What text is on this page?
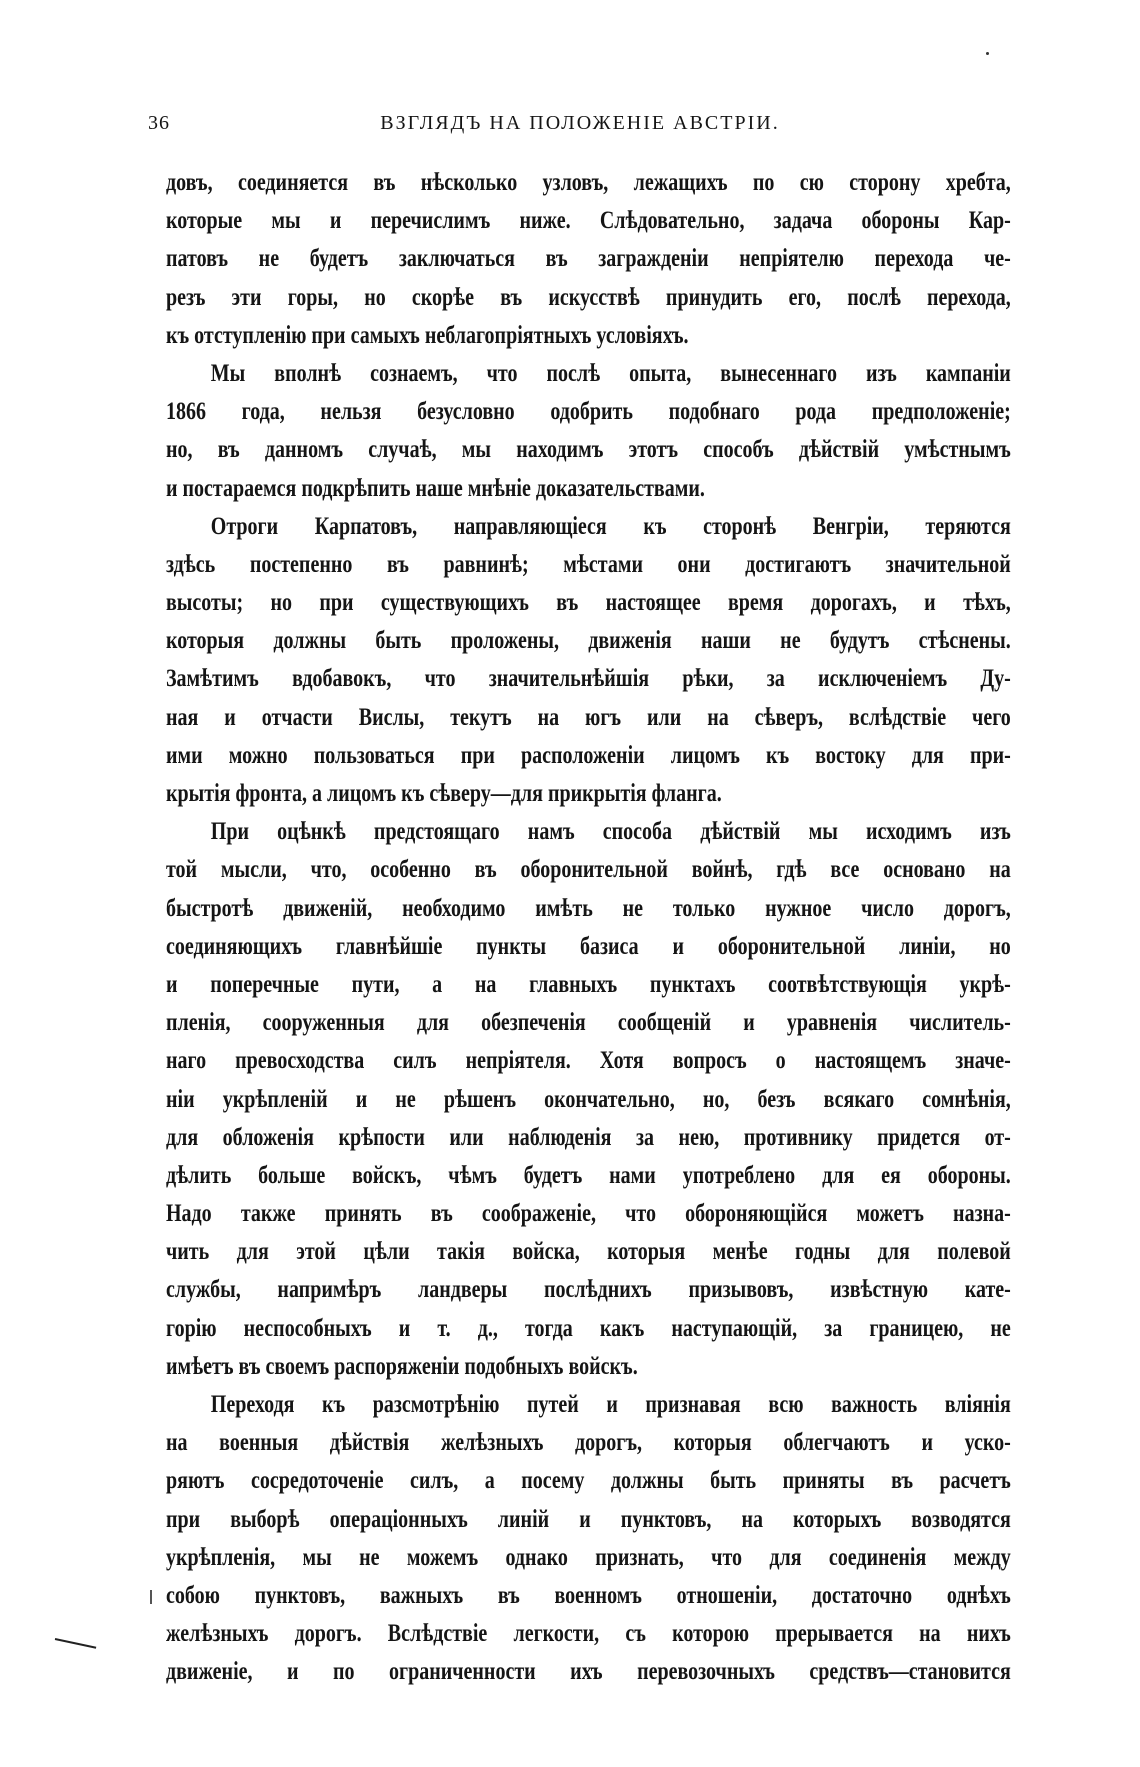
36	ВЗГЛЯДЪ НА ПОЛОЖЕНІЕ АВСТРІИ.
довъ, соединяется въ нѣсколько узловъ, лежащихъ по сю сторону хребта,
которые мы и перечислимъ ниже. Слѣдовательно, задача обороны Кар-
патовъ не будетъ заключаться въ загражденіи непріятелю перехода че-
резъ эти горы, но скорѣе въ искусствѣ принудить его, послѣ перехода,
къ отступленію при самыхъ неблагопріятныхъ условіяхъ.
Мы вполнѣ сознаемъ, что послѣ опыта, вынесеннаго изъ кампаніи
1866 года, нельзя безусловно одобрить подобнаго рода предположеніе;
но, въ данномъ случаѣ, мы находимъ этотъ способъ дѣйствій умѣстнымъ
и постараемся подкрѣпить наше мнѣніе доказательствами.
Отроги Карпатовъ, направляющіеся къ сторонѣ Венгріи, теряются
здѣсь постепенно въ равнинѣ; мѣстами они достигаютъ значительной
высоты; но при существующихъ въ настоящее время дорогахъ, и тѣхъ,
которыя должны быть проложены, движенія наши не будутъ стѣснены.
Замѣтимъ вдобавокъ, что значительнѣйшія рѣки, за исключеніемъ Ду-
ная и отчасти Вислы, текутъ на югъ или на сѣверъ, вслѣдствіе чего
ими можно пользоваться при расположеніи лицомъ къ востоку для при-
крытія фронта, а лицомъ къ сѣверу—для прикрытія фланга.
При оцѣнкѣ предстоящаго намъ способа дѣйствій мы исходимъ изъ
той мысли, что, особенно въ оборонительной войнѣ, гдѣ все основано на
быстротѣ движеній, необходимо имѣть не только нужное число дорогъ,
соединяющихъ главнѣйшіе пункты базиса и оборонительной линіи, но
и поперечные пути, а на главныхъ пунктахъ соотвѣтствующія укрѣ-
пленія, сооруженныя для обезпеченія сообщеній и уравненія числитель-
наго превосходства силъ непріятеля. Хотя вопросъ о настоящемъ значе-
ніи укрѣпленій и не рѣшенъ окончательно, но, безъ всякаго сомнѣнія,
для обложенія крѣпости или наблюденія за нею, противнику придется от-
дѣлить больше войскъ, чѣмъ будетъ нами употреблено для ея обороны.
Надо также принять въ соображеніе, что обороняющійся можетъ назна-
чить для этой цѣли такія войска, которыя менѣе годны для полевой
службы, напримѣръ ландверы послѣднихъ призывовъ, извѣстную кате-
горію неспособныхъ и т. д., тогда какъ наступающій, за границею, не
имѣетъ въ своемъ распоряженіи подобныхъ войскъ.
Переходя къ разсмотрѣнію путей и признавая всю важность вліянія
на военныя дѣйствія желѣзныхъ дорогъ, которыя облегчаютъ и уско-
ряютъ сосредоточеніе силъ, а посему должны быть приняты въ расчетъ
при выборѣ операціонныхъ линій и пунктовъ, на которыхъ возводятся
укрѣпленія, мы не можемъ однако признать, что для соединенія между
собою пунктовъ, важныхъ въ военномъ отношеніи, достаточно однѣхъ
желѣзныхъ дорогъ. Вслѣдствіе легкости, съ которою прерывается на нихъ
движеніе, и по ограниченности ихъ перевозочныхъ средствъ—становится
